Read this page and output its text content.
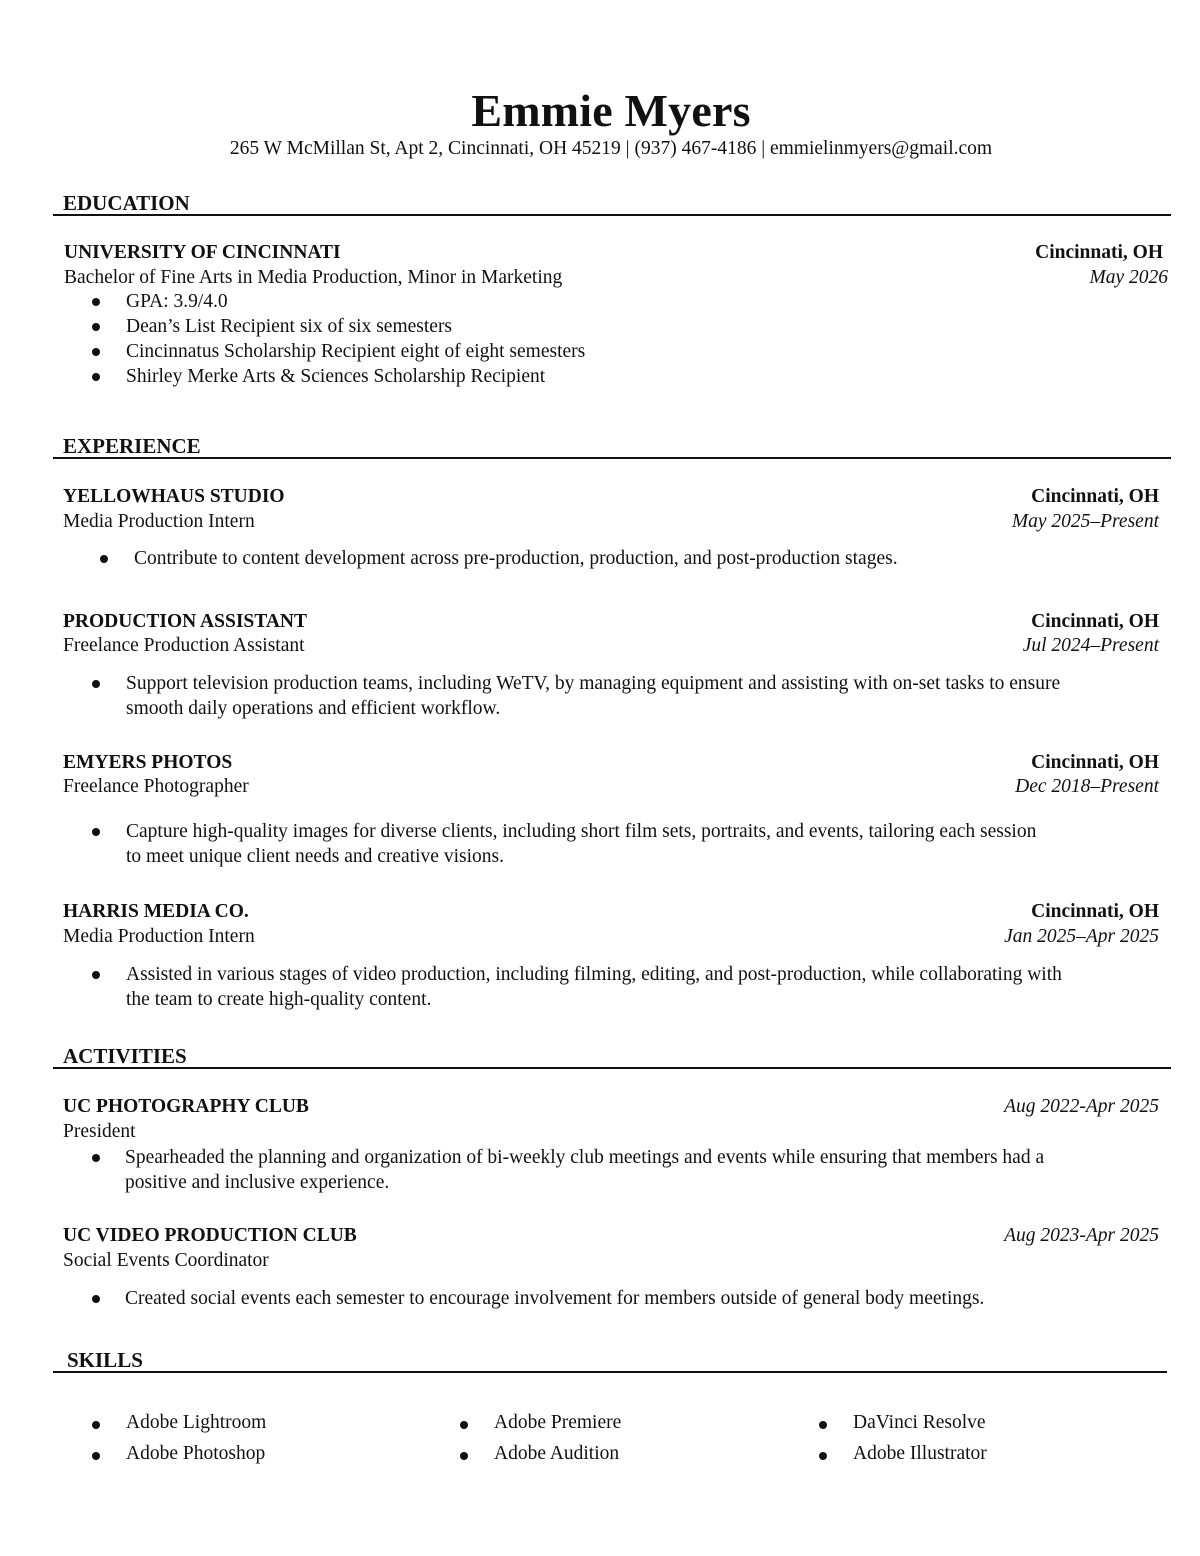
Emmie Myers
265 W McMillan St, Apt 2, Cincinnati, OH 45219 | (937) 467-4186 | emmielinmyers@gmail.com
EDUCATION
UNIVERSITY OF CINCINNATI	Cincinnati, OH
Bachelor of Fine Arts in Media Production, Minor in Marketing	May 2026
GPA: 3.9/4.0
Dean’s List Recipient six of six semesters
Cincinnatus Scholarship Recipient eight of eight semesters
Shirley Merke Arts & Sciences Scholarship Recipient
EXPERIENCE
YELLOWHAUS STUDIO	Cincinnati, OH
Media Production Intern	May 2025–Present
Contribute to content development across pre-production, production, and post-production stages.
PRODUCTION ASSISTANT	Cincinnati, OH
Freelance Production Assistant	Jul 2024–Present
Support television production teams, including WeTV, by managing equipment and assisting with on-set tasks to ensure smooth daily operations and efficient workflow.
EMYERS PHOTOS	Cincinnati, OH
Freelance Photographer	Dec 2018–Present
Capture high-quality images for diverse clients, including short film sets, portraits, and events, tailoring each session to meet unique client needs and creative visions.
HARRIS MEDIA CO.	Cincinnati, OH
Media Production Intern	Jan 2025–Apr 2025
Assisted in various stages of video production, including filming, editing, and post-production, while collaborating with the team to create high-quality content.
ACTIVITIES
UC PHOTOGRAPHY CLUB	Aug 2022-Apr 2025
President
Spearheaded the planning and organization of bi-weekly club meetings and events while ensuring that members had a positive and inclusive experience.
UC VIDEO PRODUCTION CLUB	Aug 2023-Apr 2025
Social Events Coordinator
Created social events each semester to encourage involvement for members outside of general body meetings.
SKILLS
Adobe Lightroom	Adobe Premiere	DaVinci Resolve
Adobe Photoshop	Adobe Audition	Adobe Illustrator
